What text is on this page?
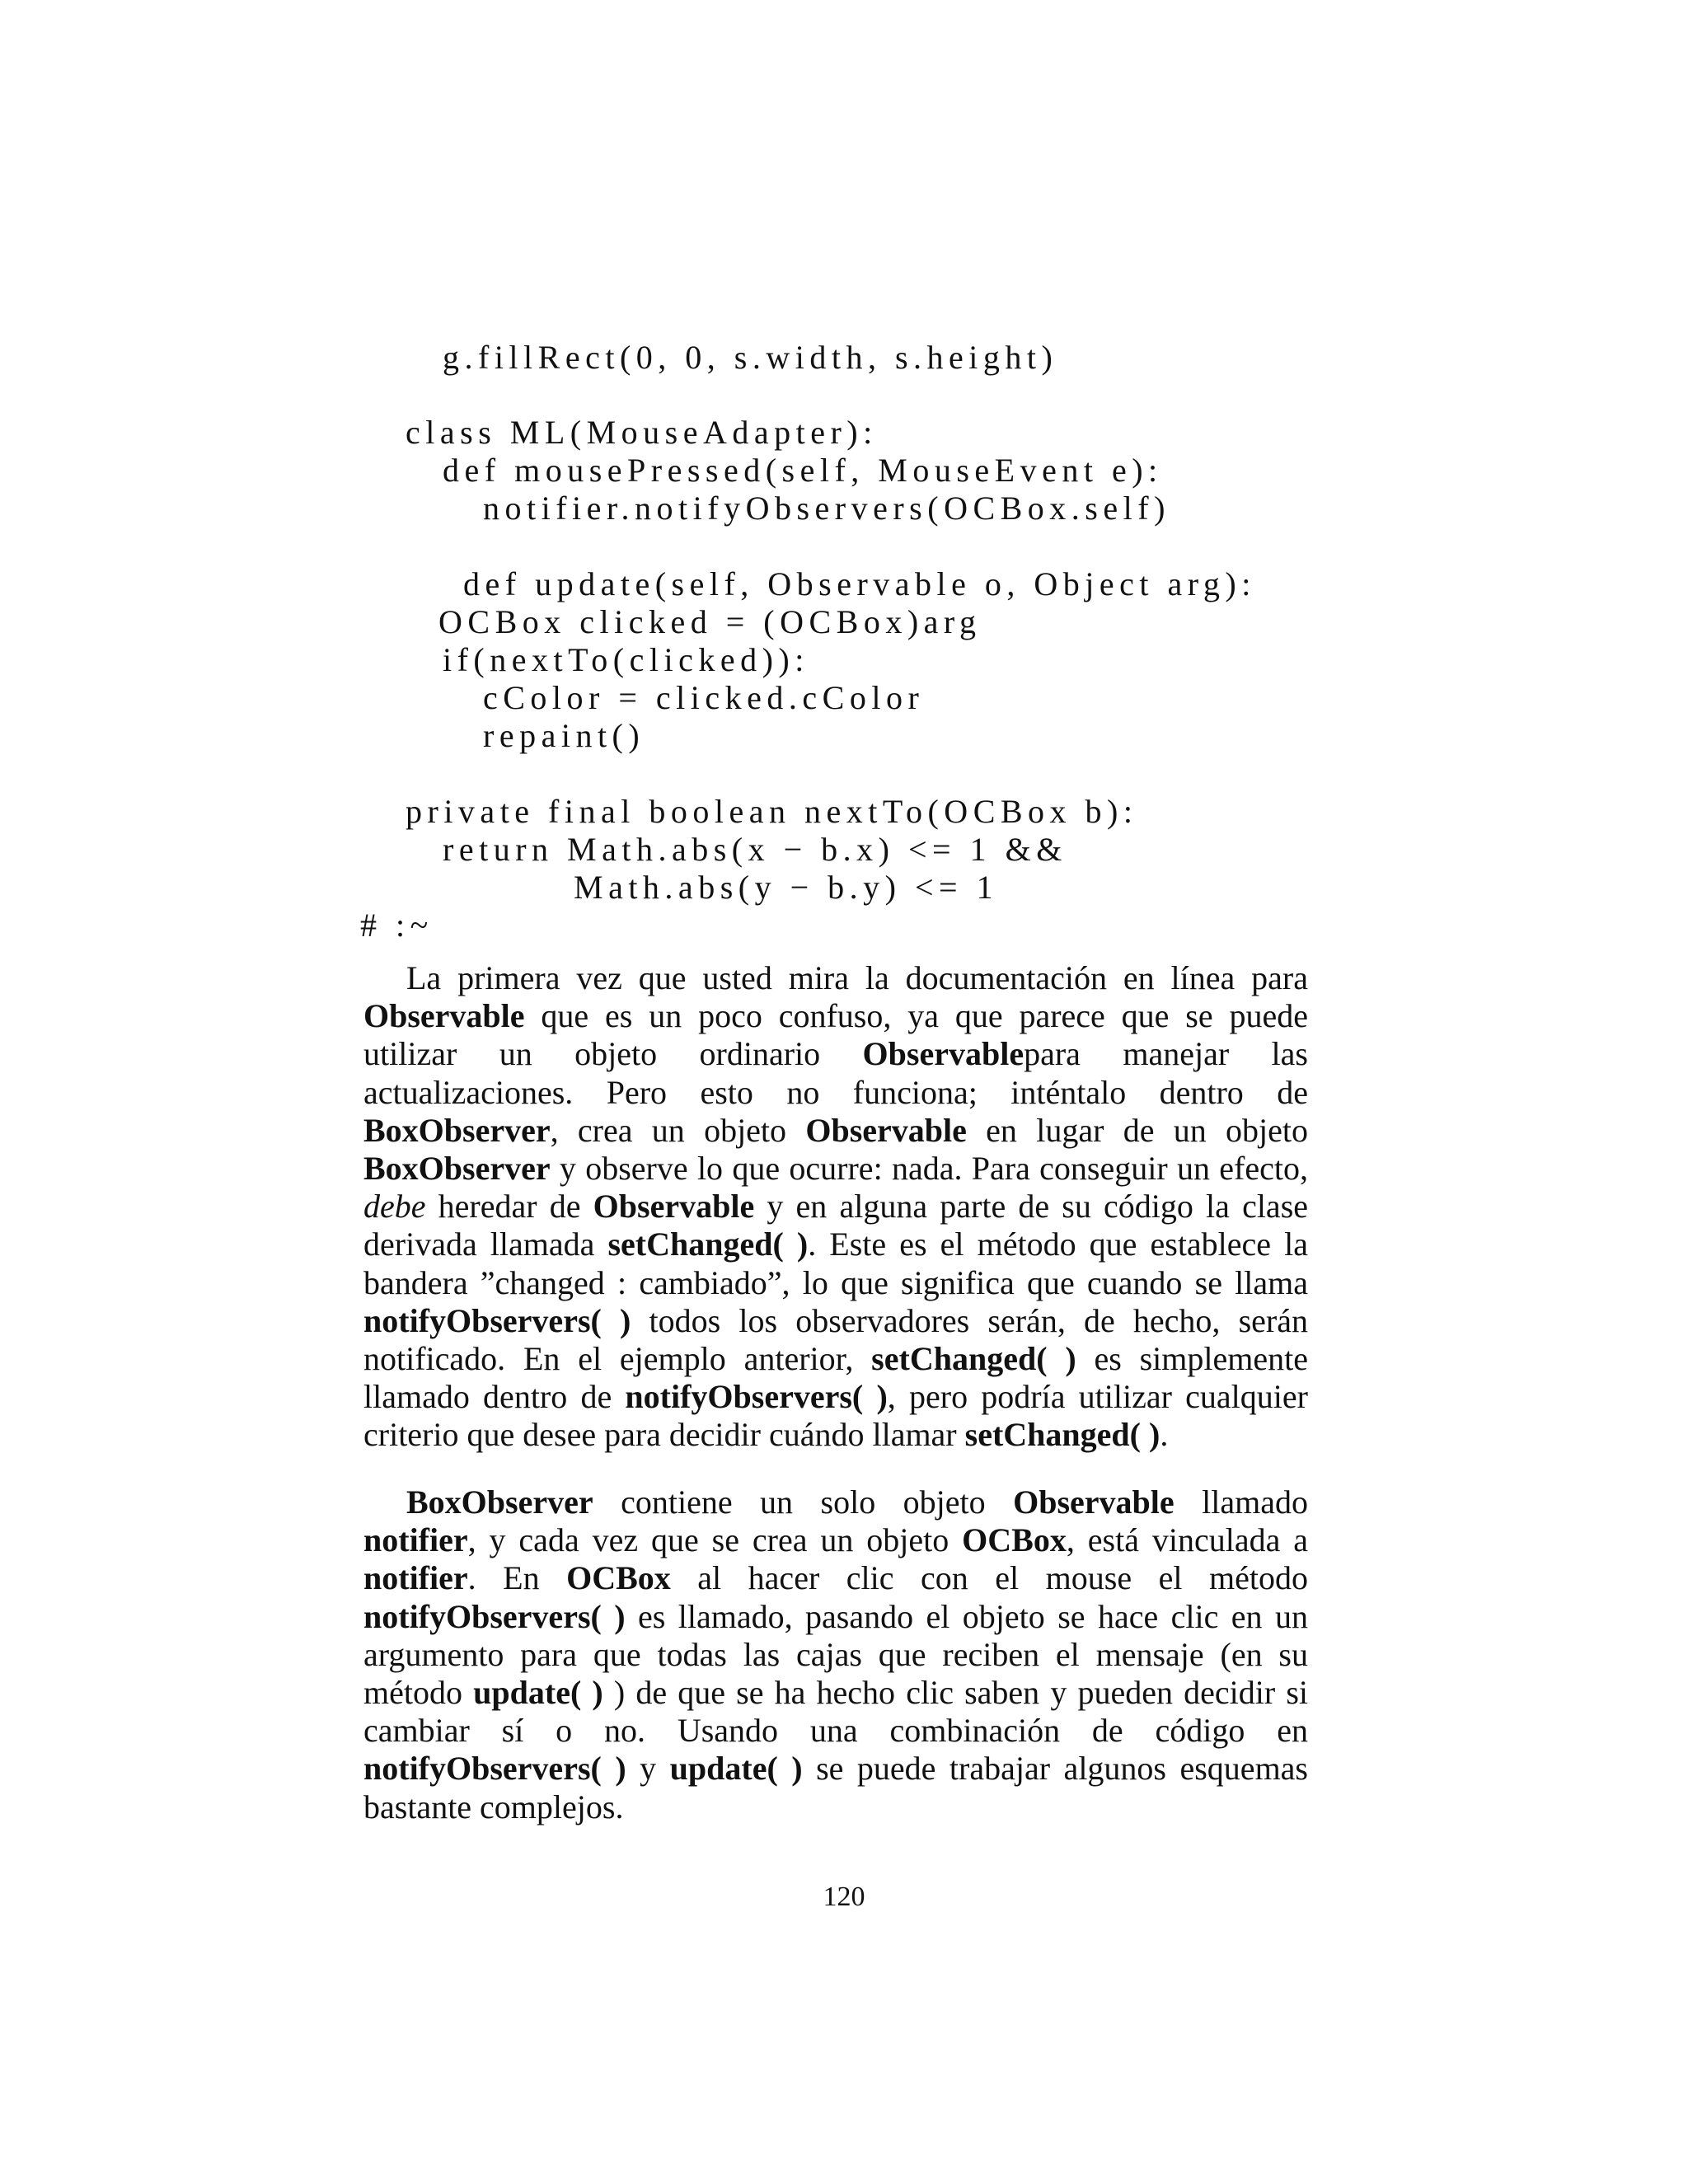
g.fillRect(0, 0, s.width, s.height)
class ML(MouseAdapter):
def mousePressed(self, MouseEvent e):
notifier.notifyObservers(OCBox.self)
def update(self, Observable o, Object arg):
OCBox clicked = (OCBox)arg
if(nextTo(clicked)):
cColor = clicked.cColor
repaint()
private final boolean nextTo(OCBox b):
return Math.abs(x − b.x) <= 1 &&
Math.abs(y − b.y) <= 1
# :~

La primera vez que usted mira la documentación en línea para Observable que es un poco confuso, ya que parece que se puede utilizar un objeto ordinario Observablepara manejar las actualizaciones. Pero esto no funciona; inténtalo dentro de BoxObserver, crea un objeto Observable en lugar de un objeto BoxObserver y observe lo que ocurre: nada. Para conseguir un efecto, debe heredar de Observable y en alguna parte de su código la clase derivada llamada setChanged( ). Este es el método que establece la bandera ”changed : cambiado”, lo que significa que cuando se llama notifyObservers( ) todos los observadores serán, de hecho, serán notificado. En el ejemplo anterior, setChanged( ) es simplemente llamado dentro de notifyObservers( ), pero podría utilizar cualquier criterio que desee para decidir cuándo llamar setChanged( ).

BoxObserver contiene un solo objeto Observable llamado notifier, y cada vez que se crea un objeto OCBox, está vinculada a notifier. En OCBox al hacer clic con el mouse el método notifyObservers( ) es llamado, pasando el objeto se hace clic en un argumento para que todas las cajas que reciben el mensaje (en su método update( ) ) de que se ha hecho clic saben y pueden decidir si cambiar sí o no. Usando una combinación de código en notifyObservers( ) y update( ) se puede trabajar algunos esquemas bastante complejos.

120
